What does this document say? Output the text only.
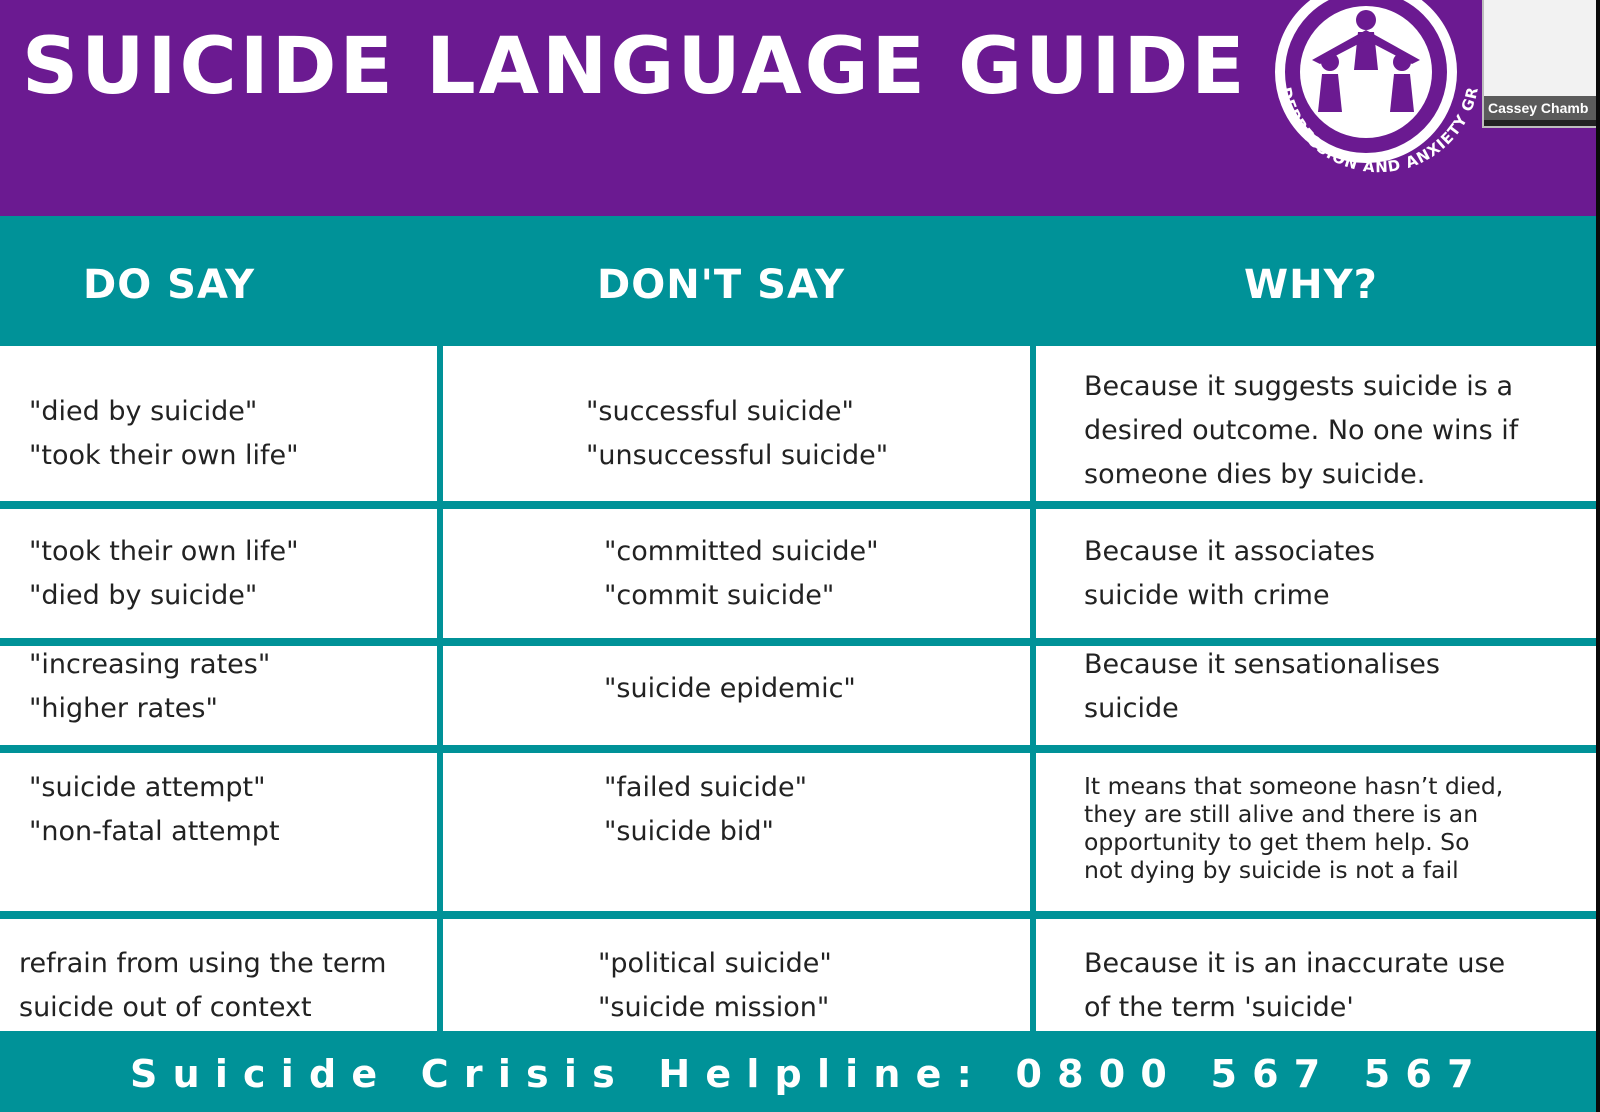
SUICIDE LANGUAGE GUIDE DEPRESSION AND ANXIETY GR
Cassey Chamb
DO SAY	DON'T SAY	WHY?
"died by suicide"
"took their own life"
"successful suicide"
"unsuccessful suicide"
Because it suggests suicide is a
desired outcome. No one wins if
someone dies by suicide.
"took their own life"
"died by suicide"
"committed suicide"
"commit suicide"
Because it associates
suicide with crime
"increasing rates"
"higher rates"
"suicide epidemic"
Because it sensationalises
suicide
"suicide attempt"
"non-fatal attempt
"failed suicide"
"suicide bid"
It means that someone hasn’t died,
they are still alive and there is an
opportunity to get them help. So
not dying by suicide is not a fail
refrain from using the term
suicide out of context
"political suicide"
"suicide mission"
Because it is an inaccurate use
of the term 'suicide'
Suicide Crisis Helpline: 0800 567 567
